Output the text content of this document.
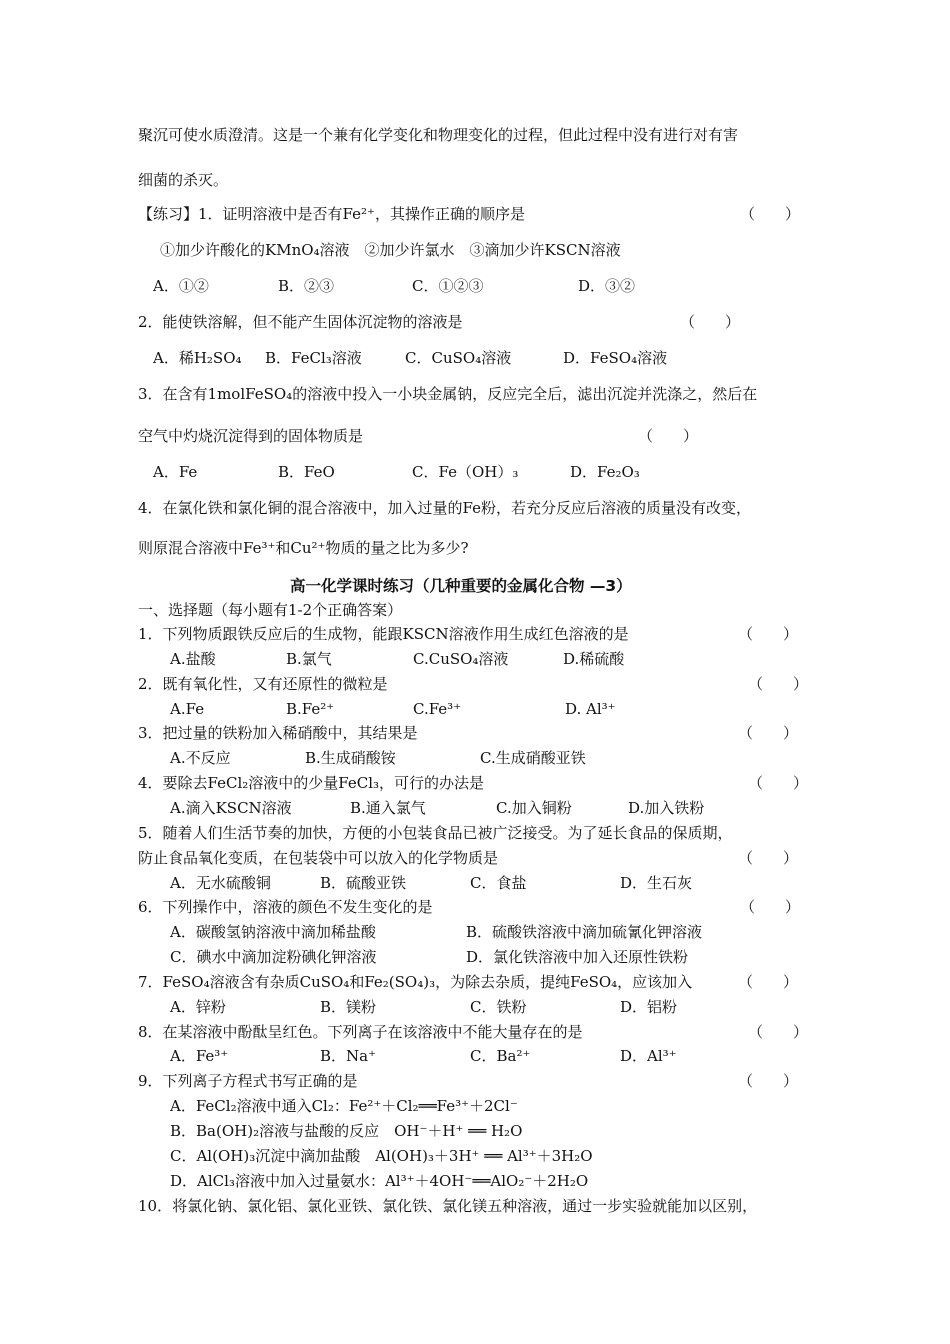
聚沉可使水质澄清。这是一个兼有化学变化和物理变化的过程，但此过程中没有进行对有害
细菌的杀灭。
【练习】1．证明溶液中是否有Fe²⁺，其操作正确的顺序是	（　　）
①加少许酸化的KMnO₄溶液　②加少许氯水　③滴加少许KSCN溶液
A．①②	B．②③	C．①②③	D．③②
2．能使铁溶解，但不能产生固体沉淀物的溶液是	（　　）
A．稀H₂SO₄ B．FeCl₃溶液	C．CuSO₄溶液	D．FeSO₄溶液
3．在含有1molFeSO₄的溶液中投入一小块金属钠，反应完全后，滤出沉淀并洗涤之，然后在
空气中灼烧沉淀得到的固体物质是	（　　）
A．Fe	B．FeO	C．Fe（OH）₃	D．Fe₂O₃
4．在氯化铁和氯化铜的混合溶液中，加入过量的Fe粉，若充分反应后溶液的质量没有改变，
则原混合溶液中Fe³⁺和Cu²⁺物质的量之比为多少?
高一化学课时练习（几种重要的金属化合物 —3）
一、选择题（每小题有1-2个正确答案）
1．下列物质跟铁反应后的生成物，能跟KSCN溶液作用生成红色溶液的是	（　　）
A.盐酸	B.氯气	C.CuSO₄溶液	D.稀硫酸
2．既有氧化性，又有还原性的微粒是	（　　）
A.Fe	B.Fe²⁺	C.Fe³⁺	D. Al³⁺
3．把过量的铁粉加入稀硝酸中，其结果是	（　　）
A.不反应	B.生成硝酸铵	C.生成硝酸亚铁
4．要除去FeCl₂溶液中的少量FeCl₃，可行的办法是	（　　）
A.滴入KSCN溶液	B.通入氯气	C.加入铜粉	D.加入铁粉
5．随着人们生活节奏的加快，方便的小包装食品已被广泛接受。为了延长食品的保质期，
防止食品氧化变质，在包装袋中可以放入的化学物质是	（　　）
A．无水硫酸铜	B．硫酸亚铁	C．食盐	D．生石灰
6．下列操作中，溶液的颜色不发生变化的是	（　　）
A．碳酸氢钠溶液中滴加稀盐酸	B．硫酸铁溶液中滴加硫氰化钾溶液
C．碘水中滴加淀粉碘化钾溶液	D．氯化铁溶液中加入还原性铁粉
7．FeSO₄溶液含有杂质CuSO₄和Fe₂(SO₄)₃，为除去杂质，提纯FeSO₄，应该加入	（　　）
A．锌粉	B．镁粉	C．铁粉	D．铝粉
8．在某溶液中酚酞呈红色。下列离子在该溶液中不能大量存在的是	（　　）
A．Fe³⁺	B．Na⁺	C．Ba²⁺	D．Al³⁺
9．下列离子方程式书写正确的是	（　　）
A．FeCl₂溶液中通入Cl₂：Fe²⁺＋Cl₂══Fe³⁺＋2Cl⁻
B．Ba(OH)₂溶液与盐酸的反应　OH⁻＋H⁺ ══ H₂O
C．Al(OH)₃沉淀中滴加盐酸　Al(OH)₃＋3H⁺ ══ Al³⁺＋3H₂O
D．AlCl₃溶液中加入过量氨水：Al³⁺＋4OH⁻══AlO₂⁻＋2H₂O
10．将氯化钠、氯化铝、氯化亚铁、氯化铁、氯化镁五种溶液，通过一步实验就能加以区别，
